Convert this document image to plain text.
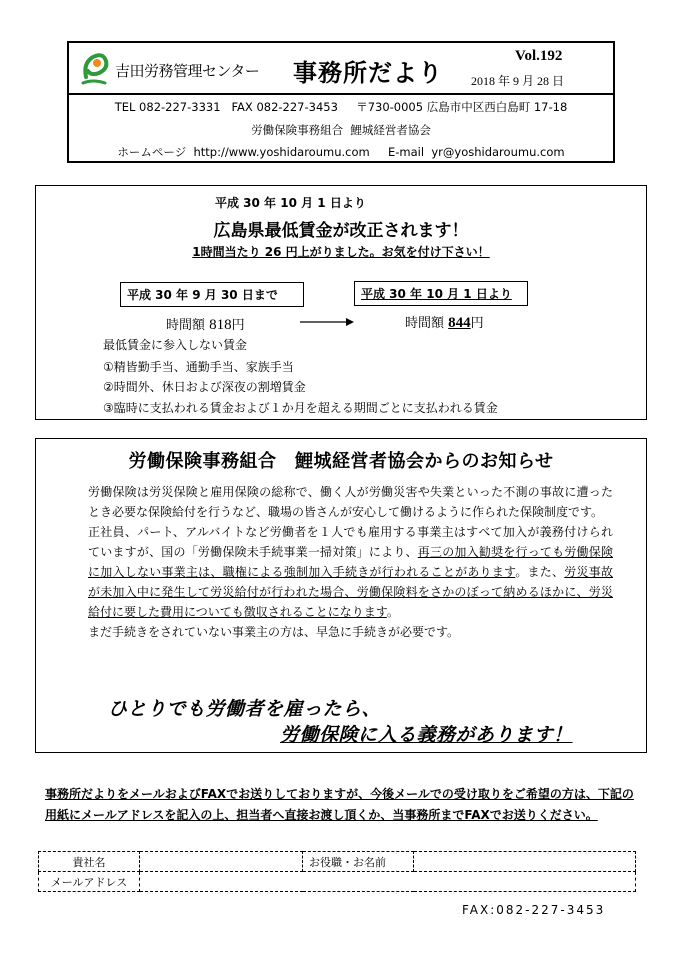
吉田労務管理センター 事務所だより
Vol.192
2018 年 9 月 28 日
TEL 082-227-3331   FAX 082-227-3453     〒730-0005 広島市中区西白島町 17-18
労働保険事務組合  鯉城経営者協会
ホームページ  http://www.yoshidaroumu.com     E-mail  yr@yoshidaroumu.com
平成 30 年 10 月 1 日より
広島県最低賃金が改正されます！
1時間当たり 26 円上がりました。お気を付け下さい！
平成 30 年 9 月 30 日まで	平成 30 年 10 月 1 日より
時間額 818円	時間額 844円
最低賃金に参入しない賃金
①精皆勤手当、通勤手当、家族手当
②時間外、休日および深夜の割増賃金
③臨時に支払われる賃金および１か月を超える期間ごとに支払われる賃金
労働保険事務組合　鯉城経営者協会からのお知らせ

労働保険は労災保険と雇用保険の総称で、働く人が労働災害や失業といった不測の事故に遭ったとき必要な保険給付を行うなど、職場の皆さんが安心して働けるように作られた保険制度です。

正社員、パート、アルバイトなど労働者を１人でも雇用する事業主はすべて加入が義務付けられていますが、国の「労働保険未手続事業一掃対策」により、再三の加入勧奨を行っても労働保険に加入しない事業主は、職権による強制加入手続きが行われることがあります。また、労災事故が未加入中に発生して労災給付が行われた場合、労働保険料をさかのぼって納めるほかに、労災給付に要した費用についても徴収されることになります。

まだ手続きをされていない事業主の方は、早急に手続きが必要です。

ひとりでも労働者を雇ったら、
労働保険に入る義務があります！
事務所だよりをメールおよびFAXでお送りしておりますが、今後メールでの受け取りをご希望の方は、下記の用紙にメールアドレスを記入の上、担当者へ直接お渡し頂くか、当事務所までFAXでお送りください。
貴社名		お役職・お名前	
メールアドレス			
FAX:082-227-3453
